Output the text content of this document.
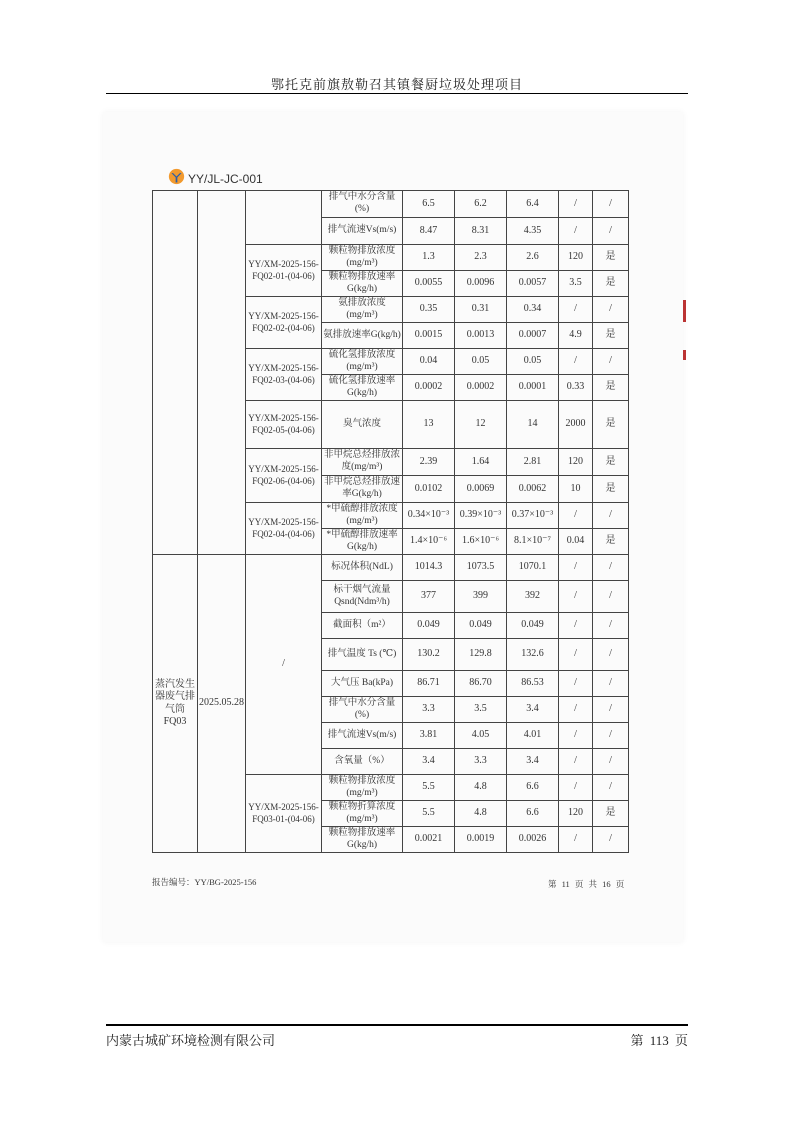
鄂托克前旗敖勒召其镇餐厨垃圾处理项目
YY/JL-JC-001
			排气中水分含量(%)	6.5	6.2	6.4	/	/
			排气流速Vs(m/s)	8.47	8.31	4.35	/	/
		YY/XM-2025-156-FQ02-01-(04-06)	颗粒物排放浓度(mg/m³)	1.3	2.3	2.6	120	是
			颗粒物排放速率G(kg/h)	0.0055	0.0096	0.0057	3.5	是
		YY/XM-2025-156-FQ02-02-(04-06)	氨排放浓度(mg/m³)	0.35	0.31	0.34	/	/
			氨排放速率G(kg/h)	0.0015	0.0013	0.0007	4.9	是
		YY/XM-2025-156-FQ02-03-(04-06)	硫化氢排放浓度(mg/m³)	0.04	0.05	0.05	/	/
			硫化氢排放速率G(kg/h)	0.0002	0.0002	0.0001	0.33	是
		YY/XM-2025-156-FQ02-05-(04-06)	臭气浓度	13	12	14	2000	是
		YY/XM-2025-156-FQ02-06-(04-06)	非甲烷总烃排放浓度(mg/m³)	2.39	1.64	2.81	120	是
			非甲烷总烃排放速率G(kg/h)	0.0102	0.0069	0.0062	10	是
		YY/XM-2025-156-FQ02-04-(04-06)	*甲硫醇排放浓度(mg/m³)	0.34×10⁻³	0.39×10⁻³	0.37×10⁻³	/	/
			*甲硫醇排放速率G(kg/h)	1.4×10⁻⁶	1.6×10⁻⁶	8.1×10⁻⁷	0.04	是
蒸汽发生器废气排气筒FQ03	2025.05.28	/	标况体积(NdL)	1014.3	1073.5	1070.1	/	/
			标干烟气流量Qsnd(Ndm³/h)	377	399	392	/	/
			截面积（m²）	0.049	0.049	0.049	/	/
			排气温度 Ts (℃)	130.2	129.8	132.6	/	/
			大气压 Ba(kPa)	86.71	86.70	86.53	/	/
			排气中水分含量(%)	3.3	3.5	3.4	/	/
			排气流速Vs(m/s)	3.81	4.05	4.01	/	/
			含氧量（%）	3.4	3.3	3.4	/	/
		YY/XM-2025-156-FQ03-01-(04-06)	颗粒物排放浓度(mg/m³)	5.5	4.8	6.6	/	/
			颗粒物折算浓度(mg/m³)	5.5	4.8	6.6	120	是
			颗粒物排放速率G(kg/h)	0.0021	0.0019	0.0026	/	/
报告编号：YY/BG-2025-156	第 11 页 共 16 页
内蒙古城矿环境检测有限公司	第 113 页
